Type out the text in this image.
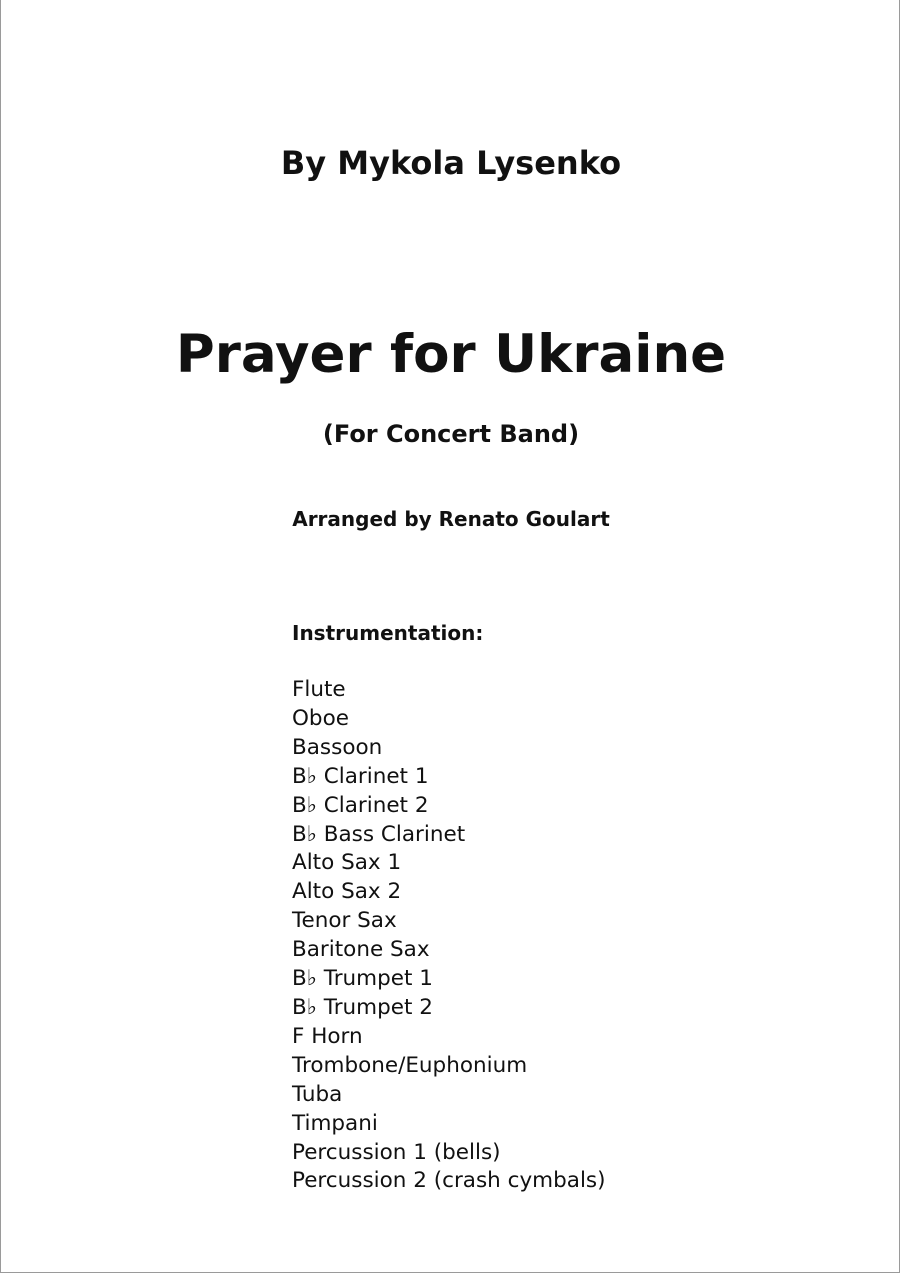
By Mykola Lysenko
Prayer for Ukraine
(For Concert Band)
Arranged by Renato Goulart
Instrumentation:
Flute
Oboe
Bassoon
B♭ Clarinet 1
B♭ Clarinet 2
B♭ Bass Clarinet
Alto Sax 1
Alto Sax 2
Tenor Sax
Baritone Sax
B♭ Trumpet 1
B♭ Trumpet 2
F Horn
Trombone/Euphonium
Tuba
Timpani
Percussion 1 (bells)
Percussion 2 (crash cymbals)
